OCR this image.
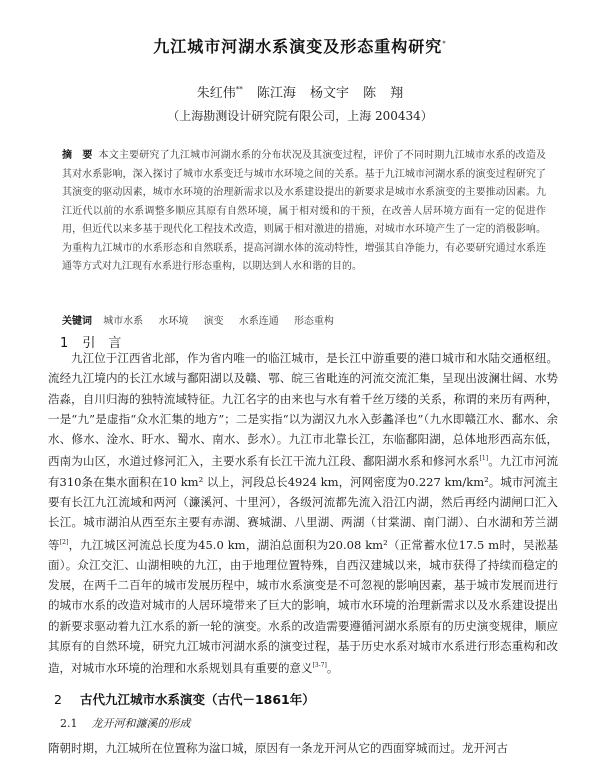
九江城市河湖水系演变及形态重构研究*
朱红伟** 陈江海 杨文宇 陈 翔
（上海勘测设计研究院有限公司，上海 200434）
摘　要 本文主要研究了九江城市河湖水系的分布状况及其演变过程，评价了不同时期九江城市水系的改造及其对水系影响，深入探讨了城市水系变迁与城市水环境之间的关系。基于九江城市河湖水系的演变过程研究了其演变的驱动因素，城市水环境的治理新需求以及水系建设提出的新要求是城市水系演变的主要推动因素。九江近代以前的水系调整多顺应其原有自然环境，属于相对缓和的干预，在改善人居环境方面有一定的促进作用，但近代以来多基于现代化工程技术改造，则属于相对激进的措施，对城市水环境产生了一定的消极影响。为重构九江城市的水系形态和自然联系，提高河湖水体的流动特性，增强其自净能力，有必要研究通过水系连通等方式对九江现有水系进行形态重构，以期达到人水和谐的目的。
关键词 城市水系 水环境 演变 水系连通 形态重构
1 引　言
九江位于江西省北部，作为省内唯一的临江城市，是长江中游重要的港口城市和水陆交通枢纽。流经九江境内的长江水域与鄱阳湖以及赣、鄂、皖三省毗连的河流交流汇集，呈现出波澜壮阔、水势浩淼，自川归海的独特流域特征。九江名字的由来也与水有着千丝万缕的关系，称谓的来历有两种，一是“九”是虚指“众水汇集的地方”；二是实指“以为湖汉九水入彭蠡泽也”（九水即赣江水、鄱水、余水、修水、淦水、盱水、蜀水、南水、彭水）。九江市北靠长江，东临鄱阳湖，总体地形西高东低，西南为山区，水道过修河汇入，主要水系有长江干流九江段、鄱阳湖水系和修河水系[1]。九江市河流有310条在集水面积在10 km² 以上，河段总长4924 km，河网密度为0.227 km/km²。城市河流主要有长江九江流域和两河（濂溪河、十里河），各级河流都先流入沿江内湖，然后再经内湖闸口汇入长江。城市湖泊从西至东主要有赤湖、赛城湖、八里湖、两湖（甘棠湖、南门湖）、白水湖和芳兰湖等[2]，九江城区河流总长度为45.0 km，湖泊总面积为20.08 km²（正常蓄水位17.5 m时，吴淞基面）。众江交汇、山湖相映的九江，由于地理位置特殊，自西汉建城以来，城市获得了持续而稳定的发展，在两千二百年的城市发展历程中，城市水系演变是不可忽视的影响因素，基于城市发展而进行的城市水系的改造对城市的人居环境带来了巨大的影响，城市水环境的治理新需求以及水系建设提出的新要求驱动着九江水系的新一轮的演变。水系的改造需要遵循河湖水系原有的历史演变规律，顺应其原有的自然环境，研究九江城市河湖水系的演变过程，基于历史水系对城市水系进行形态重构和改造，对城市水环境的治理和水系规划具有重要的意义[3-7]。
2 古代九江城市水系演变（古代－1861年）
2.1 龙开河和濂溪的形成
隋朝时期，九江城所在位置称为湓口城，原因有一条龙开河从它的西面穿城而过。龙开河古
